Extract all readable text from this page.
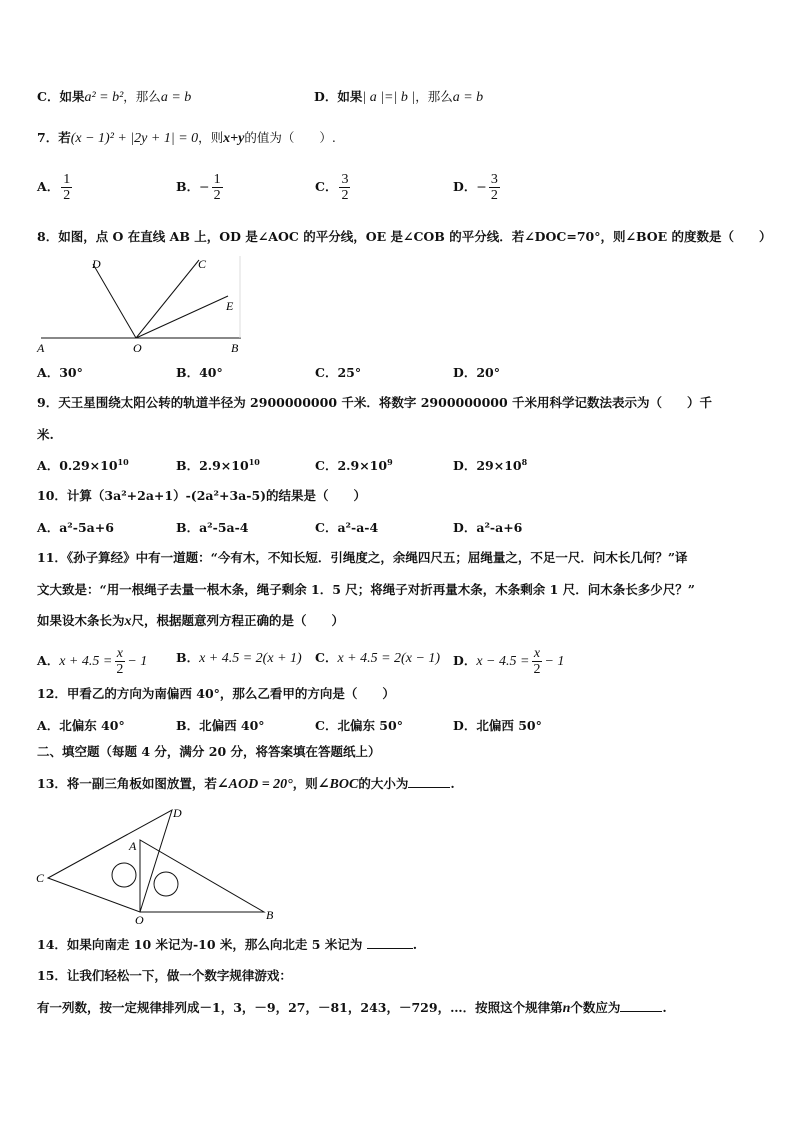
C．如果a² = b²，那么a = b	D．如果| a |=| b |，那么a = b
7．若(x − 1)² + |2y + 1| = 0，则x+y的值为（　　）.
A． $\frac{1}{2}$	B．− $\frac{1}{2}$	C． $\frac{3}{2}$	D．− $\frac{3}{2}$
8．如图，点 O 在直线 AB 上，OD 是∠AOC 的平分线，OE 是∠COB 的平分线．若∠DOC=70°，则∠BOE 的度数是（　　）
A	O	B
D	C
E
A．30°	B．40°	C．25°	D．20°
9．天王星围绕太阳公转的轨道半径为 2900000000 千米．将数字 2900000000 千米用科学记数法表示为（　　）千
米.
A．$0.29\times 10^{10}$	B．$2.9\times 10^{10}$	C．$2.9\times 10^9$	D．$29\times 10^8$
10．计算（3a²+2a+1）-(2a²+3a-5)的结果是（　　）
A．a²-5a+6	B．a²-5a-4	C．a²-a-4	D．a²-a+6
11．《孙子算经》中有一道题：“今有木，不知长短．引绳度之，余绳四尺五；屈绳量之，不足一尺．问木长几何？”译
文大致是：“用一根绳子去量一根木条，绳子剩余 1．5 尺；将绳子对折再量木条，木条剩余 1 尺．问木条长多少尺？”
如果设木条长为x尺，根据题意列方程正确的是（　　）
A．$x + 4.5 = \frac{x}{2} - 1$ B．x + 4.5 = 2(x + 1) C．x + 4.5 = 2(x − 1) D．$x - 4.5 = \frac{x}{2} - 1$
12．甲看乙的方向为南偏西 40°，那么乙看甲的方向是（　　）
A．北偏东 40°	B．北偏西 40°	C．北偏东 50°	D．北偏西 50°
二、填空题（每题 4 分，满分 20 分，将答案填在答题纸上）
13．将一副三角板如图放置，若∠AOD = 20°，则∠BOC的大小为	.
D
A
C
O	B
14．如果向南走 10 米记为-10 米，那么向北走 5 米记为	.
15．让我们轻松一下，做一个数字规律游戏：
有一列数，按一定规律排列成－1，3，－9，27，－81，243，－729，…．按照这个规律第n个数应为	.
